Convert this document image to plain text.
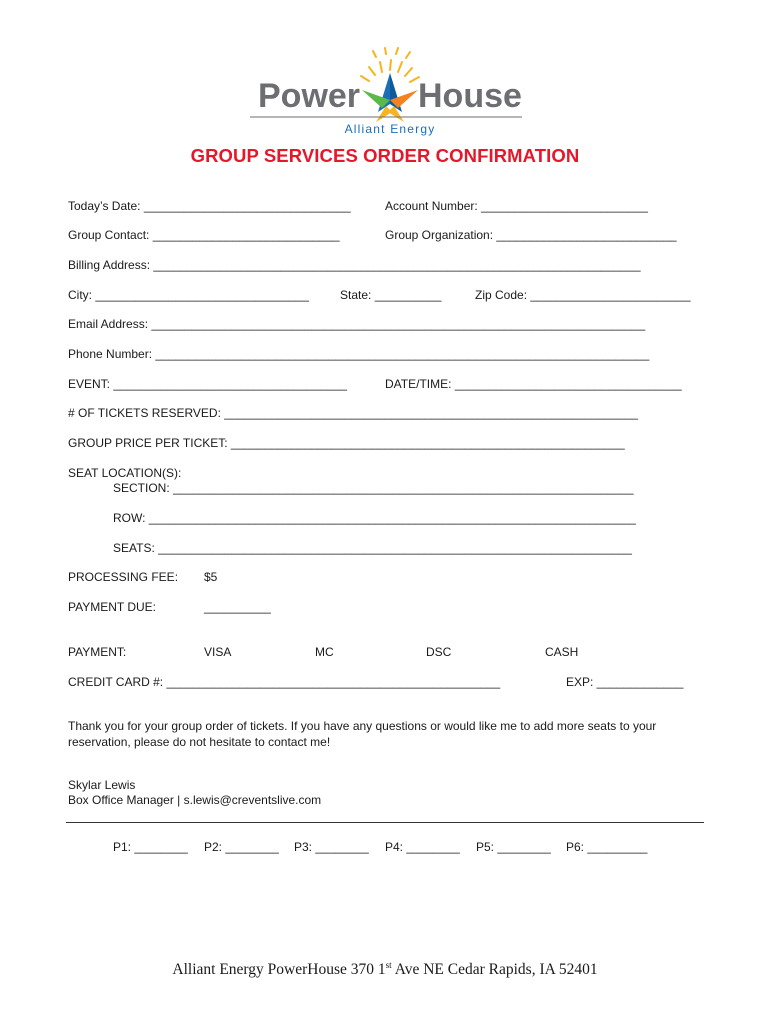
Power House
Alliant Energy
GROUP SERVICES ORDER CONFIRMATION
Today’s Date: _______________________________	Account Number: _________________________
Group Contact: ____________________________	Group Organization: ___________________________
Billing Address: _________________________________________________________________________
City: ________________________________	State: __________	Zip Code: ________________________
Email Address: __________________________________________________________________________
Phone Number: __________________________________________________________________________
EVENT: ___________________________________	DATE/TIME: __________________________________
# OF TICKETS RESERVED: ______________________________________________________________
GROUP PRICE PER TICKET: ___________________________________________________________
SEAT LOCATION(S):
SECTION: _____________________________________________________________________
ROW: _________________________________________________________________________
SEATS: _______________________________________________________________________
PROCESSING FEE: $5
PAYMENT DUE:	__________
PAYMENT:	VISA	MC	DSC	CASH
CREDIT CARD #: __________________________________________________	EXP: _____________
Thank you for your group order of tickets. If you have any questions or would like me to add more seats to your reservation, please do not hesitate to contact me!
Skylar Lewis
Box Office Manager | s.lewis@creventslive.com
P1: ________ P2: ________ P3: ________ P4: ________ P5: ________ P6: _________
Alliant Energy PowerHouse 370 1st Ave NE Cedar Rapids, IA 52401
